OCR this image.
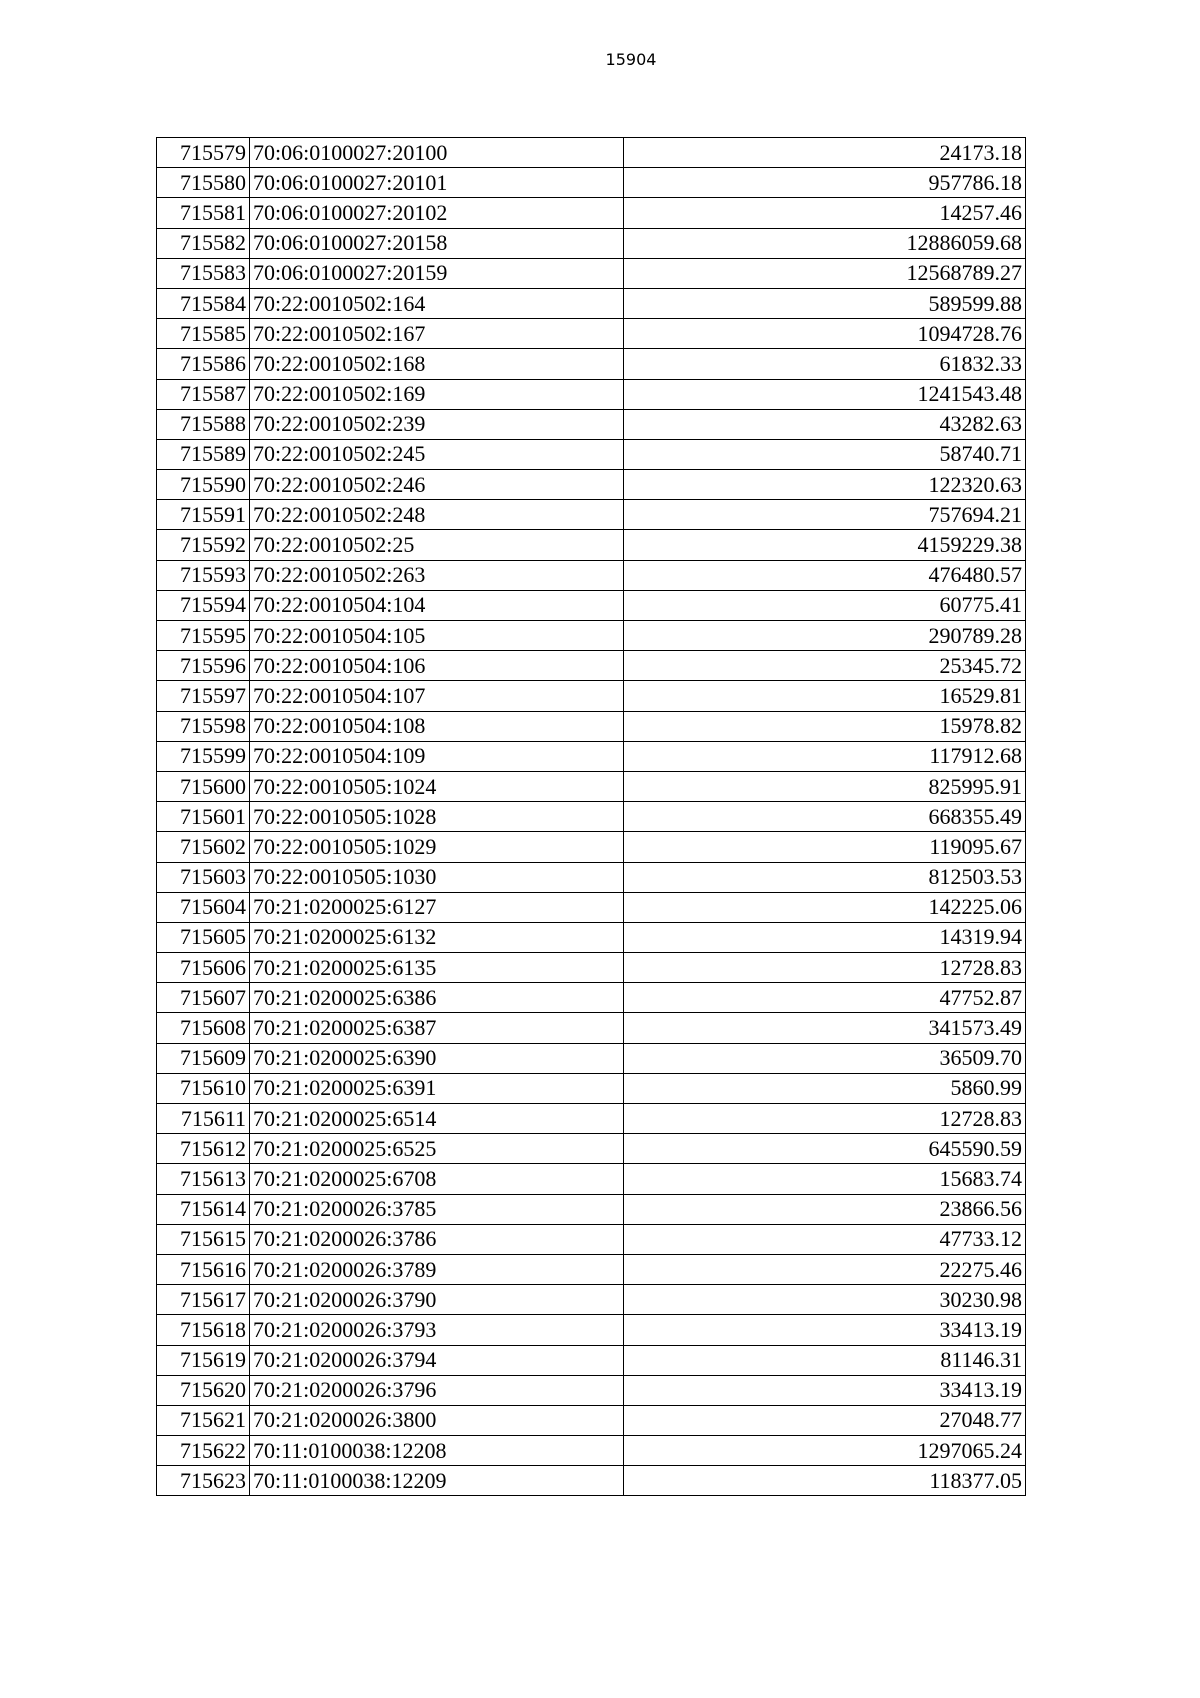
15904
715579	70:06:0100027:20100	24173.18
715580	70:06:0100027:20101	957786.18
715581	70:06:0100027:20102	14257.46
715582	70:06:0100027:20158	12886059.68
715583	70:06:0100027:20159	12568789.27
715584	70:22:0010502:164	589599.88
715585	70:22:0010502:167	1094728.76
715586	70:22:0010502:168	61832.33
715587	70:22:0010502:169	1241543.48
715588	70:22:0010502:239	43282.63
715589	70:22:0010502:245	58740.71
715590	70:22:0010502:246	122320.63
715591	70:22:0010502:248	757694.21
715592	70:22:0010502:25	4159229.38
715593	70:22:0010502:263	476480.57
715594	70:22:0010504:104	60775.41
715595	70:22:0010504:105	290789.28
715596	70:22:0010504:106	25345.72
715597	70:22:0010504:107	16529.81
715598	70:22:0010504:108	15978.82
715599	70:22:0010504:109	117912.68
715600	70:22:0010505:1024	825995.91
715601	70:22:0010505:1028	668355.49
715602	70:22:0010505:1029	119095.67
715603	70:22:0010505:1030	812503.53
715604	70:21:0200025:6127	142225.06
715605	70:21:0200025:6132	14319.94
715606	70:21:0200025:6135	12728.83
715607	70:21:0200025:6386	47752.87
715608	70:21:0200025:6387	341573.49
715609	70:21:0200025:6390	36509.70
715610	70:21:0200025:6391	5860.99
715611	70:21:0200025:6514	12728.83
715612	70:21:0200025:6525	645590.59
715613	70:21:0200025:6708	15683.74
715614	70:21:0200026:3785	23866.56
715615	70:21:0200026:3786	47733.12
715616	70:21:0200026:3789	22275.46
715617	70:21:0200026:3790	30230.98
715618	70:21:0200026:3793	33413.19
715619	70:21:0200026:3794	81146.31
715620	70:21:0200026:3796	33413.19
715621	70:21:0200026:3800	27048.77
715622	70:11:0100038:12208	1297065.24
715623	70:11:0100038:12209	118377.05
